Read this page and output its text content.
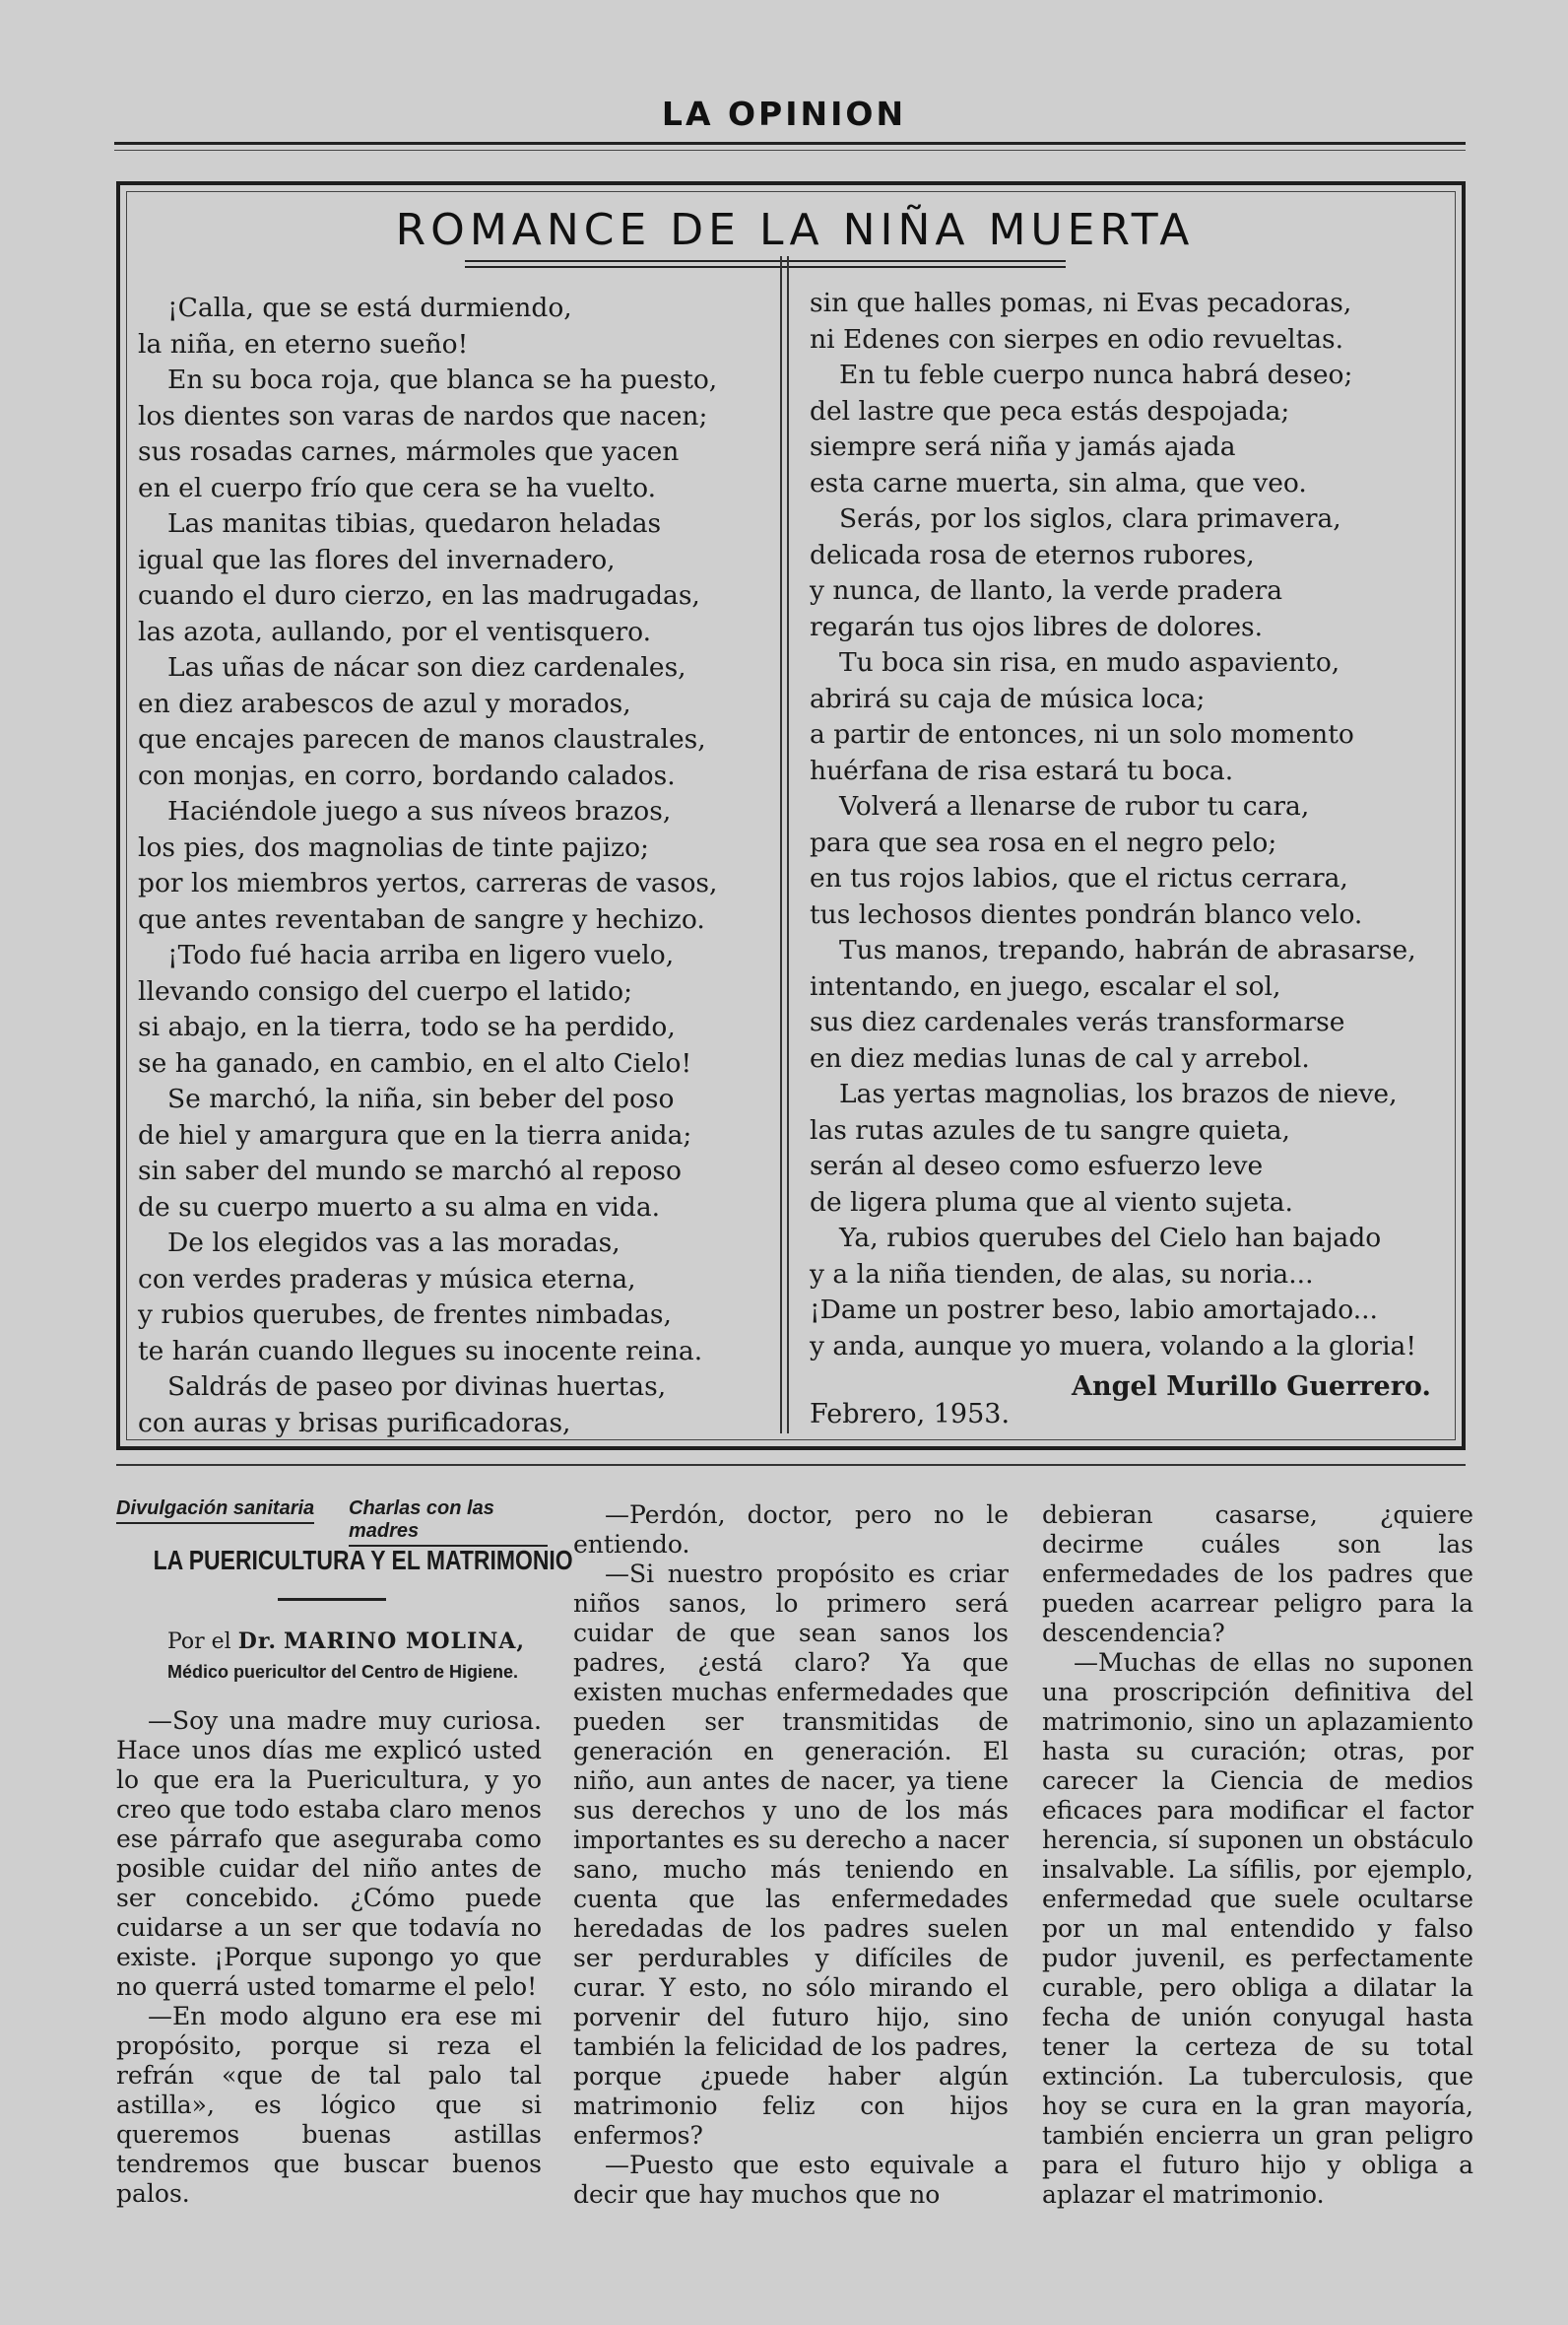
LA OPINION
ROMANCE DE LA NIÑA MUERTA
¡Calla, que se está durmiendo,
la niña, en eterno sueño!
En su boca roja, que blanca se ha puesto,
los dientes son varas de nardos que nacen;
sus rosadas carnes, mármoles que yacen
en el cuerpo frío que cera se ha vuelto.
Las manitas tibias, quedaron heladas
igual que las flores del invernadero,
cuando el duro cierzo, en las madrugadas,
las azota, aullando, por el ventisquero.
Las uñas de nácar son diez cardenales,
en diez arabescos de azul y morados,
que encajes parecen de manos claustrales,
con monjas, en corro, bordando calados.
Haciéndole juego a sus níveos brazos,
los pies, dos magnolias de tinte pajizo;
por los miembros yertos, carreras de vasos,
que antes reventaban de sangre y hechizo.
¡Todo fué hacia arriba en ligero vuelo,
llevando consigo del cuerpo el latido;
si abajo, en la tierra, todo se ha perdido,
se ha ganado, en cambio, en el alto Cielo!
Se marchó, la niña, sin beber del poso
de hiel y amargura que en la tierra anida;
sin saber del mundo se marchó al reposo
de su cuerpo muerto a su alma en vida.
De los elegidos vas a las moradas,
con verdes praderas y música eterna,
y rubios querubes, de frentes nimbadas,
te harán cuando llegues su inocente reina.
Saldrás de paseo por divinas huertas,
con auras y brisas purificadoras,
sin que halles pomas, ni Evas pecadoras,
ni Edenes con sierpes en odio revueltas.
En tu feble cuerpo nunca habrá deseo;
del lastre que peca estás despojada;
siempre será niña y jamás ajada
esta carne muerta, sin alma, que veo.
Serás, por los siglos, clara primavera,
delicada rosa de eternos rubores,
y nunca, de llanto, la verde pradera
regarán tus ojos libres de dolores.
Tu boca sin risa, en mudo aspaviento,
abrirá su caja de música loca;
a partir de entonces, ni un solo momento
huérfana de risa estará tu boca.
Volverá a llenarse de rubor tu cara,
para que sea rosa en el negro pelo;
en tus rojos labios, que el rictus cerrara,
tus lechosos dientes pondrán blanco velo.
Tus manos, trepando, habrán de abrasarse,
intentando, en juego, escalar el sol,
sus diez cardenales verás transformarse
en diez medias lunas de cal y arrebol.
Las yertas magnolias, los brazos de nieve,
las rutas azules de tu sangre quieta,
serán al deseo como esfuerzo leve
de ligera pluma que al viento sujeta.
Ya, rubios querubes del Cielo han bajado
y a la niña tienden, de alas, su noria...
¡Dame un postrer beso, labio amortajado...
y anda, aunque yo muera, volando a la gloria!
Febrero, 1953.
Angel Murillo Guerrero.
Divulgación sanitaria Charlas con las madres
LA PUERICULTURA Y EL MATRIMONIO
Por el Dr. MARINO MOLINA,
Médico puericultor del Centro de Higiene.

—Soy una madre muy curiosa. Hace unos días me explicó usted lo que era la Puericultura, y yo creo que todo estaba claro menos ese párrafo que aseguraba como posible cuidar del niño antes de ser concebido. ¿Cómo puede cuidarse a un ser que todavía no existe. ¡Porque supongo yo que no querrá usted tomarme el pelo!

—En modo alguno era ese mi propósito, porque si reza el refrán «que de tal palo tal astilla», es lógico que si queremos buenas astillas tendremos que buscar buenos palos.

—Perdón, doctor, pero no le entiendo.

—Si nuestro propósito es criar niños sanos, lo primero será cuidar de que sean sanos los padres, ¿está claro? Ya que existen muchas enfermedades que pueden ser transmitidas de generación en generación. El niño, aun antes de nacer, ya tiene sus derechos y uno de los más importantes es su derecho a nacer sano, mucho más teniendo en cuenta que las enfermedades heredadas de los padres suelen ser perdurables y difíciles de curar. Y esto, no sólo mirando el porvenir del futuro hijo, sino también la felicidad de los padres, porque ¿puede haber algún matrimonio feliz con hijos enfermos?

—Puesto que esto equivale a decir que hay muchos que no

debieran casarse, ¿quiere decirme cuáles son las enfermedades de los padres que pueden acarrear peligro para la descendencia?

—Muchas de ellas no suponen una proscripción definitiva del matrimonio, sino un aplazamiento hasta su curación; otras, por carecer la Ciencia de medios eficaces para modificar el factor herencia, sí suponen un obstáculo insalvable. La sífilis, por ejemplo, enfermedad que suele ocultarse por un mal entendido y falso pudor juvenil, es perfectamente curable, pero obliga a dilatar la fecha de unión conyugal hasta tener la certeza de su total extinción. La tuberculosis, que hoy se cura en la gran mayoría, también encierra un gran peligro para el futuro hijo y obliga a aplazar el matrimonio.
